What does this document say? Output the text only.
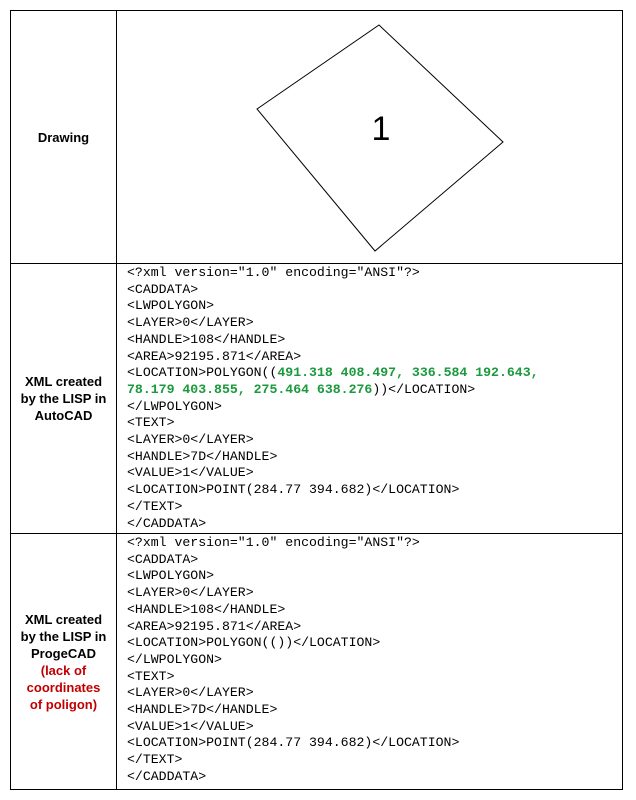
Drawing	1
XML created
by the LISP in
AutoCAD
<?xml version="1.0" encoding="ANSI"?>
<CADDATA>
<LWPOLYGON>
<LAYER>0</LAYER>
<HANDLE>108</HANDLE>
<AREA>92195.871</AREA>
<LOCATION>POLYGON((491.318 408.497, 336.584 192.643,
78.179 403.855, 275.464 638.276))</LOCATION>
</LWPOLYGON>
<TEXT>
<LAYER>0</LAYER>
<HANDLE>7D</HANDLE>
<VALUE>1</VALUE>
<LOCATION>POINT(284.77 394.682)</LOCATION>
</TEXT>
</CADDATA>
XML created
by the LISP in
ProgeCAD
(lack of
coordinates
of poligon)
<?xml version="1.0" encoding="ANSI"?>
<CADDATA>
<LWPOLYGON>
<LAYER>0</LAYER>
<HANDLE>108</HANDLE>
<AREA>92195.871</AREA>
<LOCATION>POLYGON(())</LOCATION>
</LWPOLYGON>
<TEXT>
<LAYER>0</LAYER>
<HANDLE>7D</HANDLE>
<VALUE>1</VALUE>
<LOCATION>POINT(284.77 394.682)</LOCATION>
</TEXT>
</CADDATA>
